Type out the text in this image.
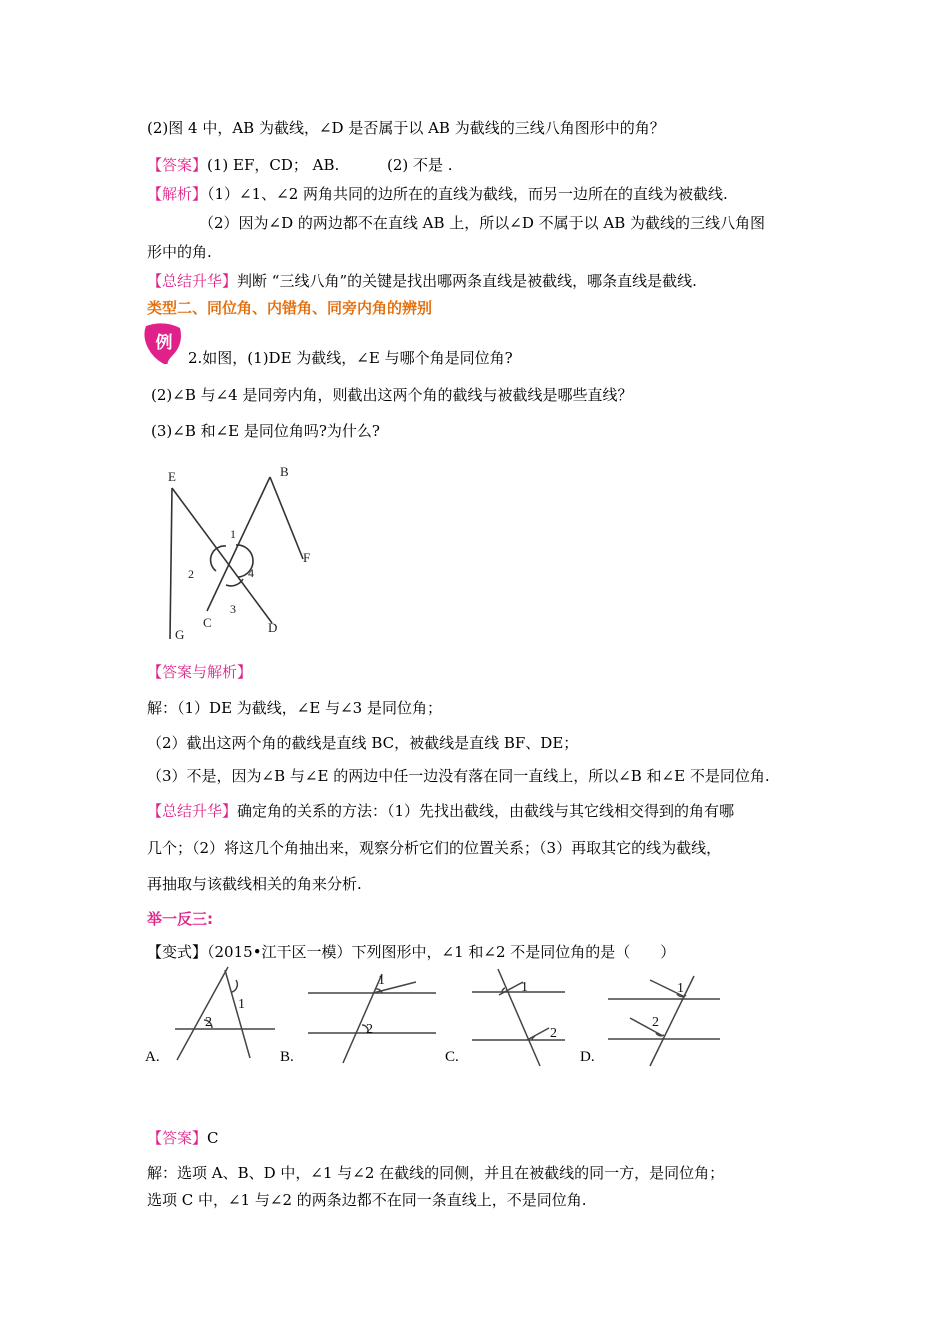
(2)图 4 中，AB 为截线，∠D 是否属于以 AB 为截线的三线八角图形中的角？
【答案】(1) EF，CD； AB.          (2) 不是 .
【解析】（1）∠1、∠2 两角共同的边所在的直线为截线，而另一边所在的直线为被截线.
（2）因为∠D 的两边都不在直线 AB 上，所以∠D 不属于以 AB 为截线的三线八角图
形中的角.
【总结升华】判断 “三线八角”的关键是找出哪两条直线是被截线，哪条直线是截线.
类型二、同位角、内错角、同旁内角的辨别
例
2.如图，(1)DE 为截线，∠E 与哪个角是同位角?
(2)∠B 与∠4 是同旁内角，则截出这两个角的截线与被截线是哪些直线？
(3)∠B 和∠E 是同位角吗?为什么?
E	B
F
G
C	D
1
2
3
4
【答案与解析】
解：（1）DE 为截线，∠E 与∠3 是同位角；
（2）截出这两个角的截线是直线 BC，被截线是直线 BF、DE；
（3）不是，因为∠B 与∠E 的两边中任一边没有落在同一直线上，所以∠B 和∠E 不是同位角.
【总结升华】确定角的关系的方法：（1）先找出截线，由截线与其它线相交得到的角有哪
几个；（2）将这几个角抽出来，观察分析它们的位置关系；（3）再取其它的线为截线，
再抽取与该截线相关的角来分析.
举一反三:
【变式】（2015•江干区一模）下列图形中，∠1 和∠2 不是同位角的是（　　）
1
2
1
2
1
2
1
2
A.	B.	C.	D.
【答案】C
解：选项 A、B、D 中，∠1 与∠2 在截线的同侧，并且在被截线的同一方，是同位角；
选项 C 中，∠1 与∠2 的两条边都不在同一条直线上，不是同位角.
